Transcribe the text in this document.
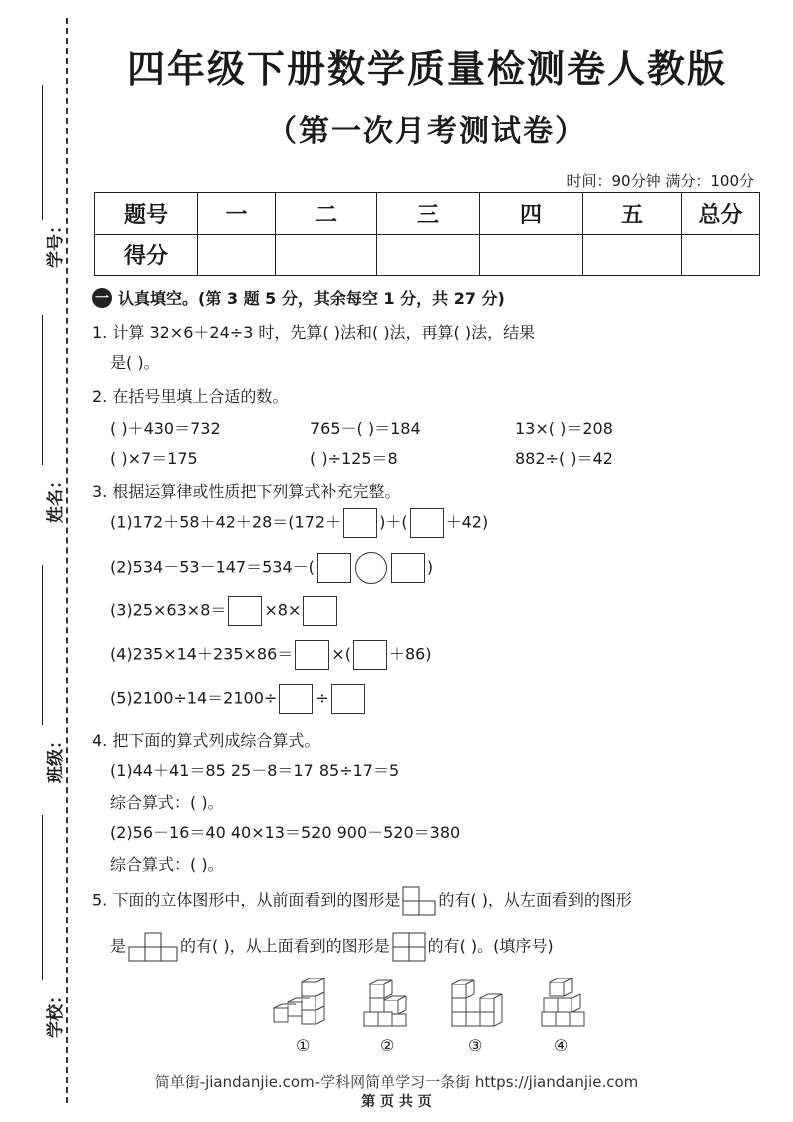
学号：
姓名：
班级：
学校：
四年级下册数学质量检测卷人教版
（第一次月考测试卷）
时间：90分钟 满分：100分
题号	一	二	三	四	五	总分
得分						
一 认真填空。(第 3 题 5 分，其余每空 1 分，共 27 分)
1. 计算 32×6＋24÷3 时，先算( )法和( )法，再算( )法，结果
是( )。
2. 在括号里填上合适的数。
( )＋430＝732	765－( )＝184	13×( )＝208
( )×7＝175	( )÷125＝8	882÷( )＝42
3. 根据运算律或性质把下列算式补充完整。
(1)172＋58＋42＋28＝(172＋ )＋( ＋42)
(2)534－53－147＝534－(	)
(3)25×63×8＝ ×8×
(4)235×14＋235×86＝ ×( ＋86)
(5)2100÷14＝2100÷ ÷
4. 把下面的算式列成综合算式。
(1)44＋41＝85 25－8＝17 85÷17＝5
综合算式：( )。
(2)56－16＝40 40×13＝520 900－520＝380
综合算式：( )。
5. 下面的立体图形中，从前面看到的图形是 的有( )，从左面看到的图形
是	的有( )，从上面看到的图形是 的有( )。(填序号)
①	②	③	④
简单街-jiandanjie.com-学科网简单学习一条街 https://jiandanjie.com
第 页 共 页
